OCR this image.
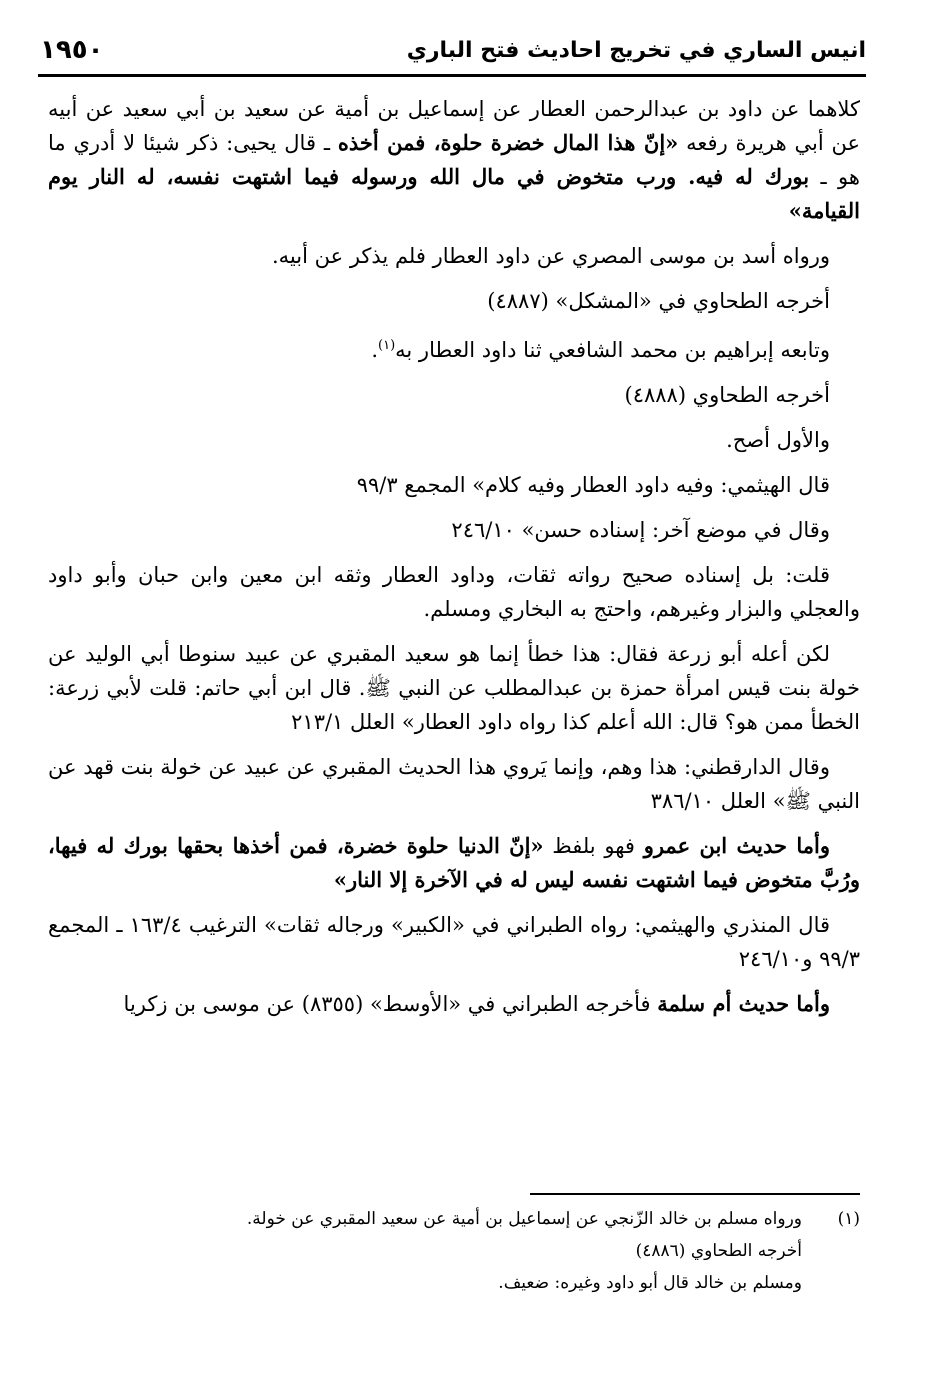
انيس الساري في تخريج احاديث فتح الباري
١٩٥٠

كلاهما عن داود بن عبدالرحمن العطار عن إسماعيل بن أمية عن سعيد بن أبي سعيد عن أبيه عن أبي هريرة رفعه «إنّ هذا المال خضرة حلوة، فمن أخذه ـ قال يحيى: ذكر شيئا لا أدري ما هو ـ بورك له فيه. ورب متخوض في مال الله ورسوله فيما اشتهت نفسه، له النار يوم القيامة»

ورواه أسد بن موسى المصري عن داود العطار فلم يذكر عن أبيه.

أخرجه الطحاوي في «المشكل» (٤٨٨٧)

وتابعه إبراهيم بن محمد الشافعي ثنا داود العطار به$^{(١)}$.

أخرجه الطحاوي (٤٨٨٨)

والأول أصح.

قال الهيثمي: وفيه داود العطار وفيه كلام» المجمع ٩٩/٣

وقال في موضع آخر: إسناده حسن» ٢٤٦/١٠

قلت: بل إسناده صحيح رواته ثقات، وداود العطار وثقه ابن معين وابن حبان وأبو داود والعجلي والبزار وغيرهم، واحتج به البخاري ومسلم.

لكن أعله أبو زرعة فقال: هذا خطأ إنما هو سعيد المقبري عن عبيد سنوطا أبي الوليد عن خولة بنت قيس امرأة حمزة بن عبدالمطلب عن النبي ﷺ. قال ابن أبي حاتم: قلت لأبي زرعة: الخطأ ممن هو؟ قال: الله أعلم كذا رواه داود العطار» العلل ٢١٣/١

وقال الدارقطني: هذا وهم، وإنما يَروي هذا الحديث المقبري عن عبيد عن خولة بنت قهد عن النبي ﷺ» العلل ٣٨٦/١٠

وأما حديث ابن عمرو فهو بلفظ «إنّ الدنيا حلوة خضرة، فمن أخذها بحقها بورك له فيها، ورُبَّ متخوض فيما اشتهت نفسه ليس له في الآخرة إلا النار»

قال المنذري والهيثمي: رواه الطبراني في «الكبير» ورجاله ثقات» الترغيب ١٦٣/٤ ـ المجمع ٩٩/٣ و٢٤٦/١٠

وأما حديث أم سلمة فأخرجه الطبراني في «الأوسط» (٨٣٥٥) عن موسى بن زكريا

(١)ورواه مسلم بن خالد الزّنجي عن إسماعيل بن أمية عن سعيد المقبري عن خولة.

أخرجه الطحاوي (٤٨٨٦)

ومسلم بن خالد قال أبو داود وغيره: ضعيف.
